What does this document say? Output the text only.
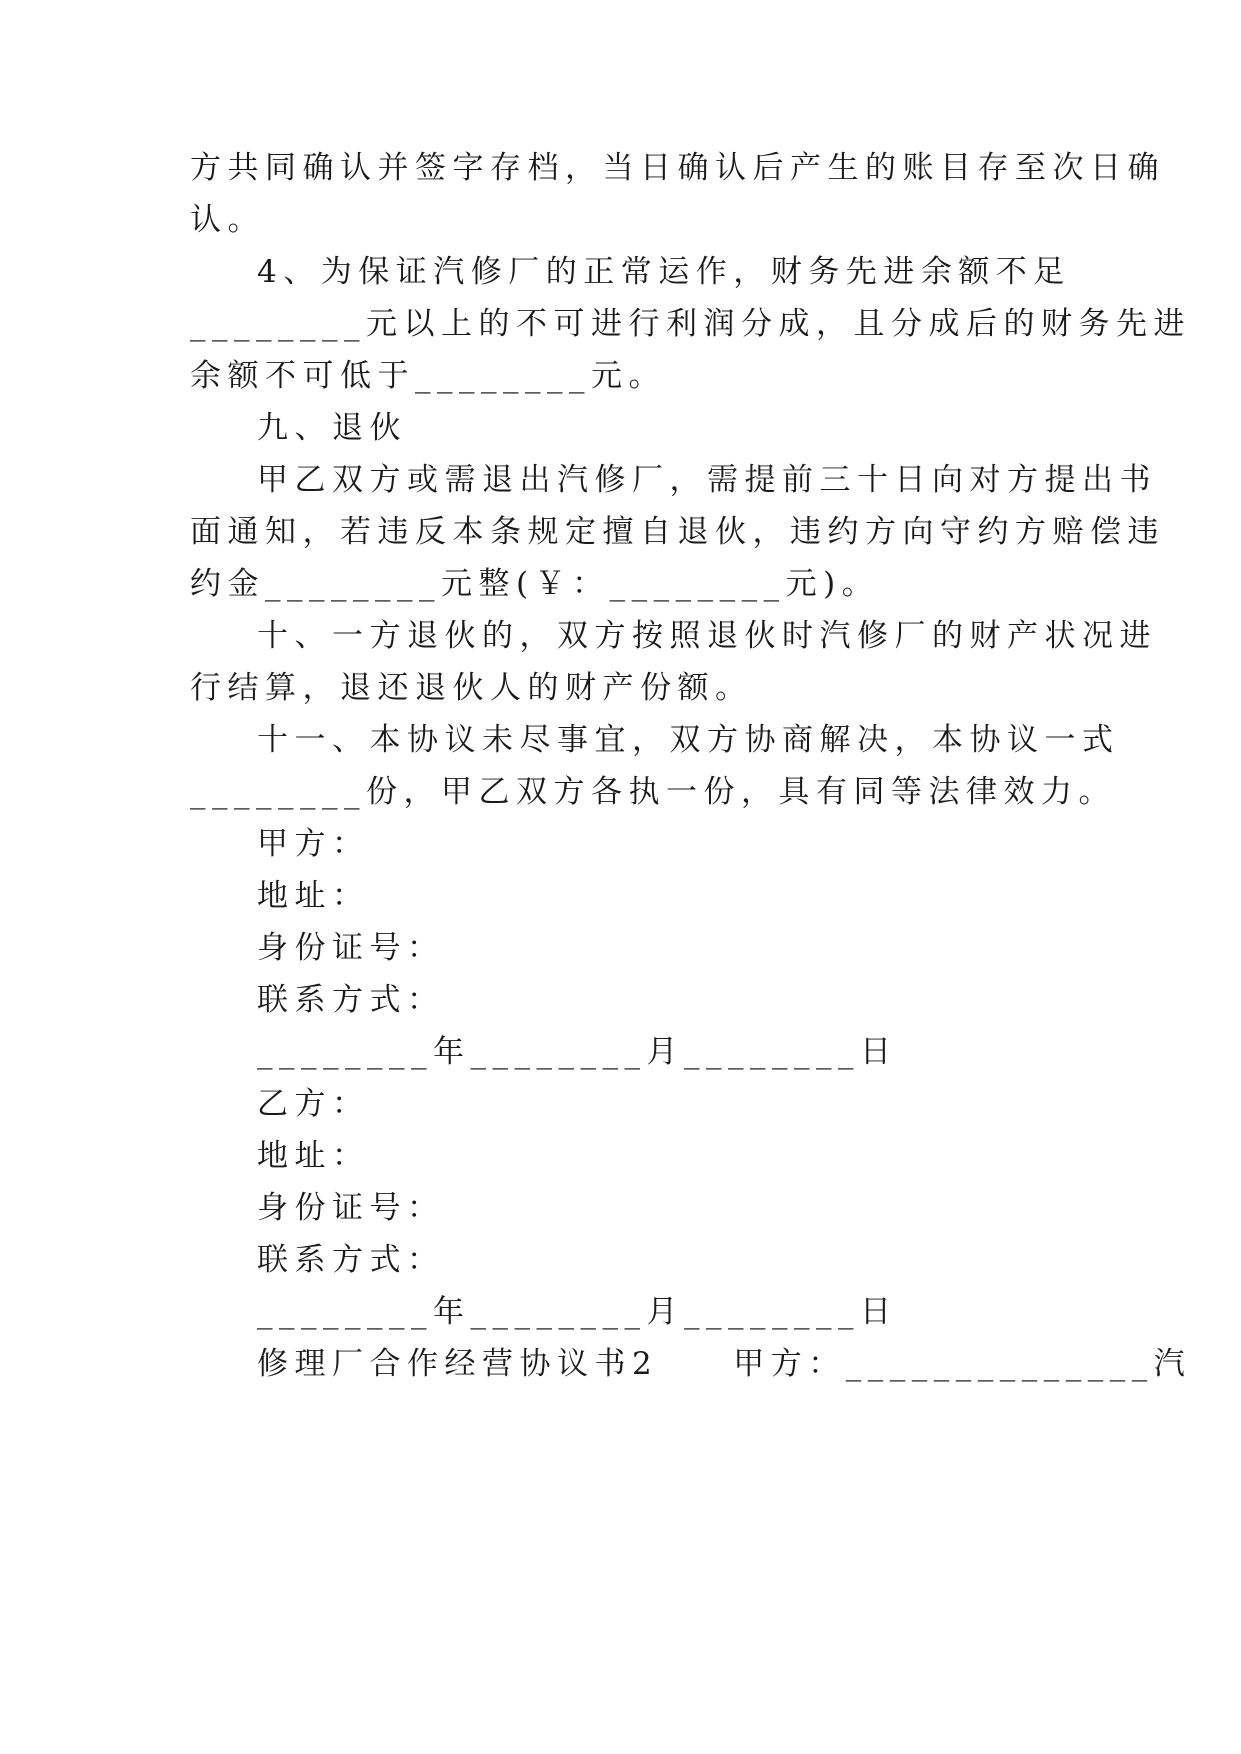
方共同确认并签字存档，当日确认后产生的账目存至次日确
认。
4、为保证汽修厂的正常运作，财务先进余额不足
________元以上的不可进行利润分成，且分成后的财务先进
余额不可低于________元。
九、退伙
甲乙双方或需退出汽修厂，需提前三十日向对方提出书
面通知，若违反本条规定擅自退伙，违约方向守约方赔偿违
约金________元整(￥：________元)。
十、一方退伙的，双方按照退伙时汽修厂的财产状况进
行结算，退还退伙人的财产份额。
十一、本协议未尽事宜，双方协商解决，本协议一式
________份，甲乙双方各执一份，具有同等法律效力。
甲方：
地址：
身份证号：
联系方式：
________年________月________日
乙方：
地址：
身份证号：
联系方式：
________年________月________日
修理厂合作经营协议书2　　甲方：______________汽
